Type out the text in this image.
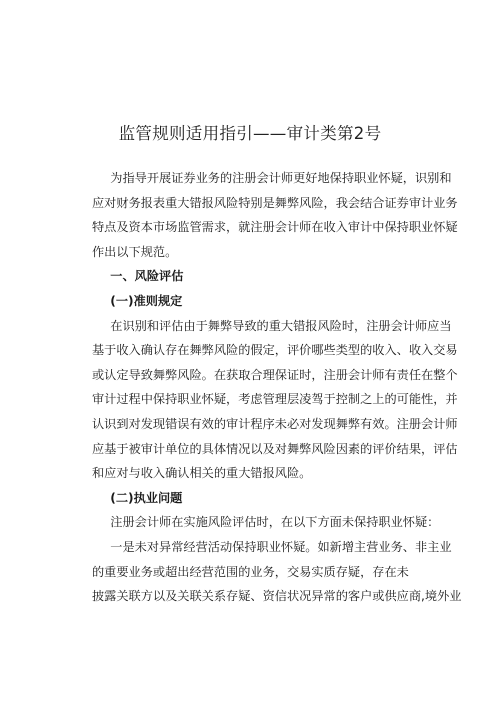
监管规则适用指引——审计类第2号

为指导开展证券业务的注册会计师更好地保持职业怀疑，识别和
应对财务报表重大错报风险特别是舞弊风险，我会结合证券审计业务
特点及资本市场监管需求，就注册会计师在收入审计中保持职业怀疑
作出以下规范。

一、风险评估

(一)准则规定

在识别和评估由于舞弊导致的重大错报风险时，注册会计师应当
基于收入确认存在舞弊风险的假定，评价哪些类型的收入、收入交易
或认定导致舞弊风险。在获取合理保证时，注册会计师有责任在整个
审计过程中保持职业怀疑，考虑管理层凌驾于控制之上的可能性，并
认识到对发现错误有效的审计程序未必对发现舞弊有效。注册会计师
应基于被审计单位的具体情况以及对舞弊风险因素的评价结果，评估
和应对与收入确认相关的重大错报风险。

(二)执业问题

注册会计师在实施风险评估时，在以下方面未保持职业怀疑：

一是未对异常经营活动保持职业怀疑。如新增主营业务、非主业
的重要业务或超出经营范围的业务，交易实质存疑，存在未
披露关联方以及关联关系存疑、资信状况异常的客户或供应商,境外业
